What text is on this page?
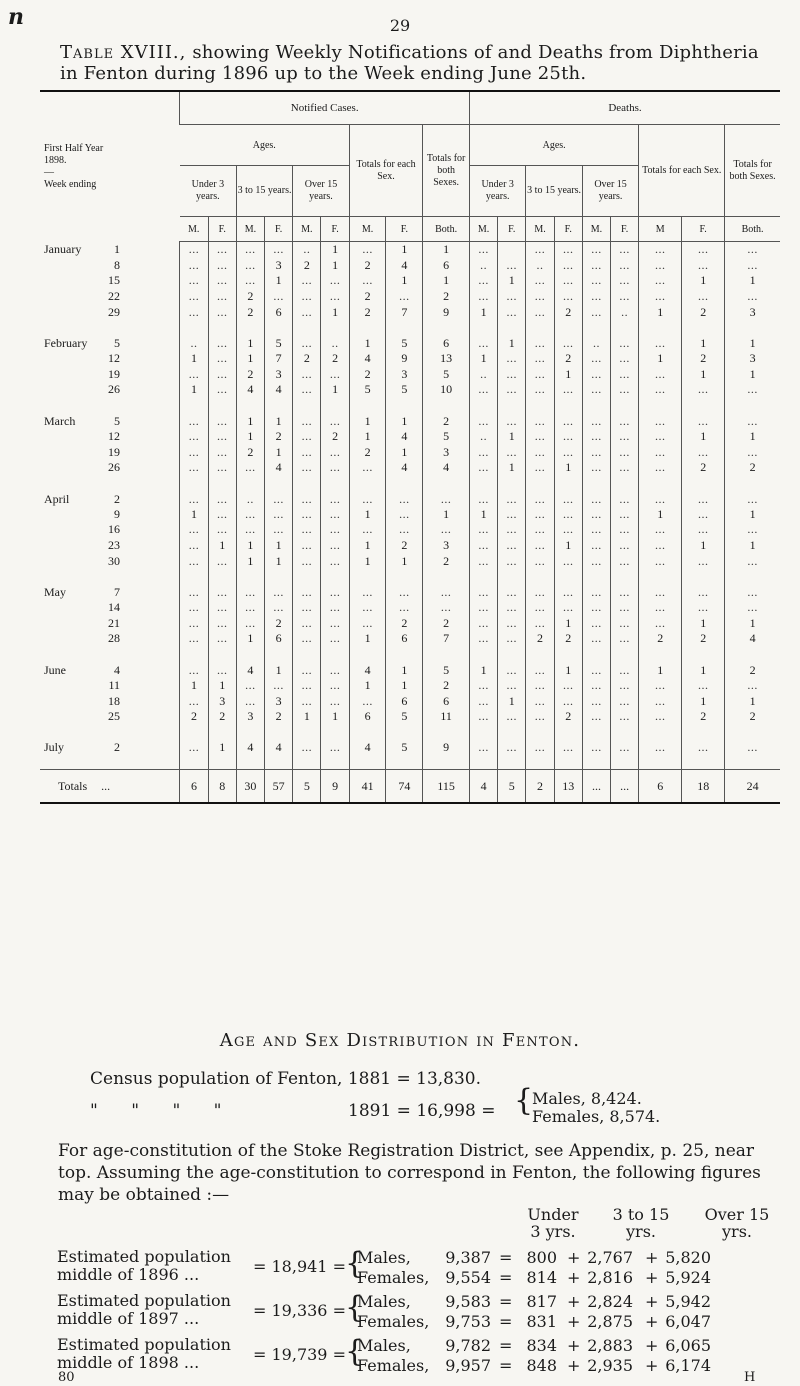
n	29
Table XVIII., showing Weekly Notifications of and Deaths from Diphtheria in Fenton during 1896 up to the Week ending June 25th.
First Half Year
1898.
—
Week ending	Notified Cases.									Deaths.								
	Ages.						Totals for each Sex.		Totals for both Sexes.	Ages.						Totals for each Sex.		Totals for both Sexes.
	Under 3 years.		3 to 15 years.		Over 15 years.					Under 3 years.		3 to 15 years.		Over 15 years.				
	M.	F.	M.	F.	M.	F.	M.	F.	Both.	M.	F.	M.	F.	M.	F.	M	F.	Both.
January 1	...	...	...	...	..	1	...	1	1	...		...	...	...	...	...	...	...
8	...	...	...	3	2	1	2	4	6	..	...	..	...	...	...	...	...	...
15	...	...	...	1	...	...	...	1	1	...	1	...	...	...	...	...	1	1
22	...	...	2	...	...	...	2	...	2	...	...	...	...	...	...	...	...	...
29	...	...	2	6	...	1	2	7	9	1	...	...	2	...	..	1	2	3
February 5	..	...	1	5	...	..	1	5	6	...	1	...	...	..	...	...	1	1
12	1	...	1	7	2	2	4	9	13	1	...	...	2	...	...	1	2	3
19	...	...	2	3	...	...	2	3	5	..	...	...	1	...	...	...	1	1
26	1	...	4	4	...	1	5	5	10	...	...	...	...	...	...	...	...	...
March 5	...	...	1	1	...	...	1	1	2	...	...	...	...	...	...	...	...	...
12	...	...	1	2	...	2	1	4	5	..	1	...	...	...	...	...	1	1
19	...	...	2	1	...	...	2	1	3	...	...	...	...	...	...	...	...	...
26	...	...	...	4	...	...	...	4	4	...	1	...	1	...	...	...	2	2
April 2	...	...	..	...	...	...	...	...	...	...	...	...	...	...	...	...	...	...
9	1	...	...	...	...	...	1	...	1	1	...	...	...	...	...	1	...	1
16	...	...	...	...	...	...	...	...	...	...	...	...	...	...	...	...	...	...
23	...	1	1	1	...	...	1	2	3	...	...	...	1	...	...	...	1	1
30	...	...	1	1	...	...	1	1	2	...	...	...	...	...	...	...	...	...
May 7	...	...	...	...	...	...	...	...	...	...	...	...	...	...	...	...	...	...
14	...	...	...	...	...	...	...	...	...	...	...	...	...	...	...	...	...	...
21	...	...	...	2	...	...	...	2	2	...	...	...	1	...	...	...	1	1
28	...	...	1	6	...	...	1	6	7	...	...	2	2	...	...	2	2	4
June 4	...	...	4	1	...	...	4	1	5	1	...	...	1	...	...	1	1	2
11	1	1	...	...	...	...	1	1	2	...	...	...	...	...	...	...	...	...
18	...	3	...	3	...	...	...	6	6	...	1	...	...	...	...	...	1	1
25	2	2	3	2	1	1	6	5	11	...	...	...	2	...	...	...	2	2
July 2	...	1	4	4	...	...	4	5	9	...	...	...	...	...	...	...	...	...

Totals ...	6	8	30	57	5	9	41	74	115	4	5	2	13	...	...	6	18	24
Age and Sex Distribution in Fenton.
Census population of Fenton, 1881 = 13,830.
" " " "	1891 = 16,998 = {
Males, 8,424.
Females, 8,574.
For age-constitution of the Stoke Registration District, see Appendix, p. 25, near top. Assuming the age-constitution to correspond in Fenton, the following figures may be obtained :—
Under 3 yrs.
3 to 15 yrs.
Over 15 yrs.
Estimated population
middle of 1896 ...	= 18,941 = {
Males,	9,387 = 800 + 2,767 + 5,820
Females, 9,554 = 814 + 2,816 + 5,924
Estimated population
middle of 1897 ...	= 19,336 = {
Males,	9,583 = 817 + 2,824 + 5,942
Females, 9,753 = 831 + 2,875 + 6,047
Estimated population
middle of 1898 ...	= 19,739 = {
Males,	9,782 = 834 + 2,883 + 6,065
Females, 9,957 = 848 + 2,935 + 6,174
80	H
